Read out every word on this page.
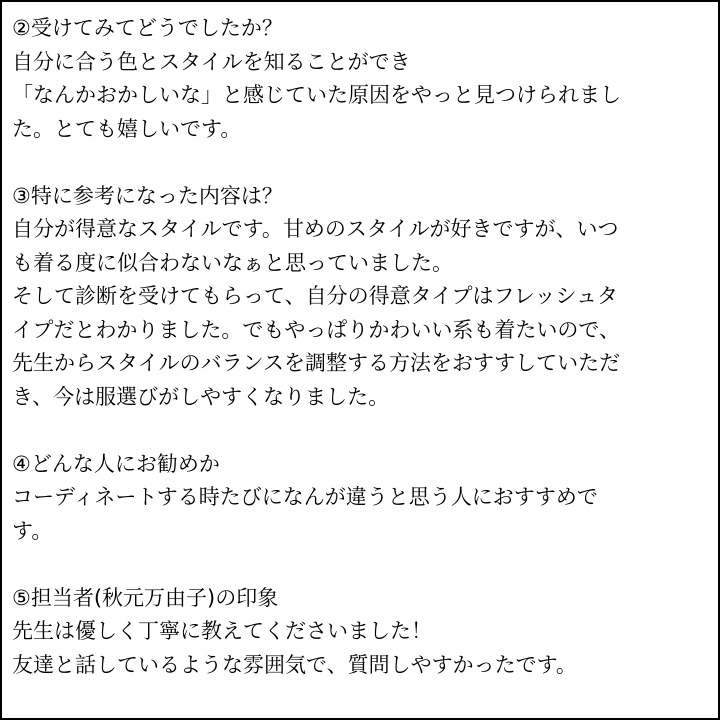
②受けてみてどうでしたか？
自分に合う色とスタイルを知ることができ
「なんかおかしいな」と感じていた原因をやっと見つけられまし
た。とても嬉しいです。
③特に参考になった内容は？
自分が得意なスタイルです。甘めのスタイルが好きですが、いつ
も着る度に似合わないなぁと思っていました。
そして診断を受けてもらって、自分の得意タイプはフレッシュタ
イプだとわかりました。でもやっぱりかわいい系も着たいので、
先生からスタイルのバランスを調整する方法をおすすしていただ
き、今は服選びがしやすくなりました。
④どんな人にお勧めか
コーディネートする時たびになんが違うと思う人におすすめで
す。
⑤担当者(秋元万由子)の印象
先生は優しく丁寧に教えてくださいました！
友達と話しているような雰囲気で、質問しやすかったです。
